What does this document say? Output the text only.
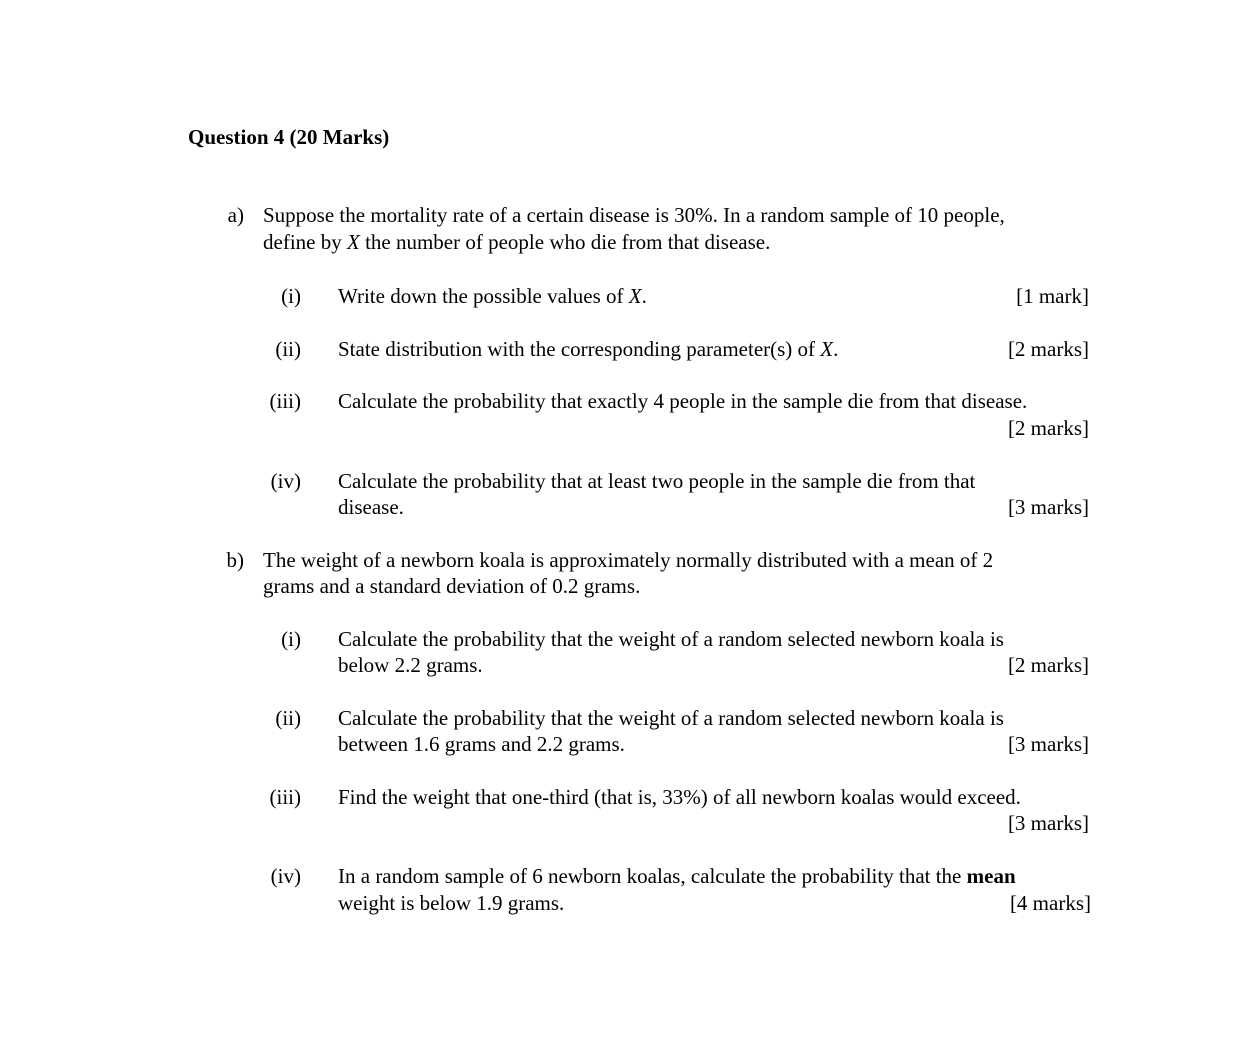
Question 4 (20 Marks)
a) Suppose the mortality rate of a certain disease is 30%. In a random sample of 10 people,
define by X the number of people who die from that disease.
(i) Write down the possible values of X.	[1 mark]
(ii) State distribution with the corresponding parameter(s) of X.	[2 marks]
(iii) Calculate the probability that exactly 4 people in the sample die from that disease.
[2 marks]
(iv) Calculate the probability that at least two people in the sample die from that
disease.	[3 marks]
b) The weight of a newborn koala is approximately normally distributed with a mean of 2
grams and a standard deviation of 0.2 grams.
(i) Calculate the probability that the weight of a random selected newborn koala is
below 2.2 grams.	[2 marks]
(ii) Calculate the probability that the weight of a random selected newborn koala is
between 1.6 grams and 2.2 grams.	[3 marks]
(iii) Find the weight that one-third (that is, 33%) of all newborn koalas would exceed.
[3 marks]
(iv) In a random sample of 6 newborn koalas, calculate the probability that the mean
weight is below 1.9 grams.	[4 marks]
